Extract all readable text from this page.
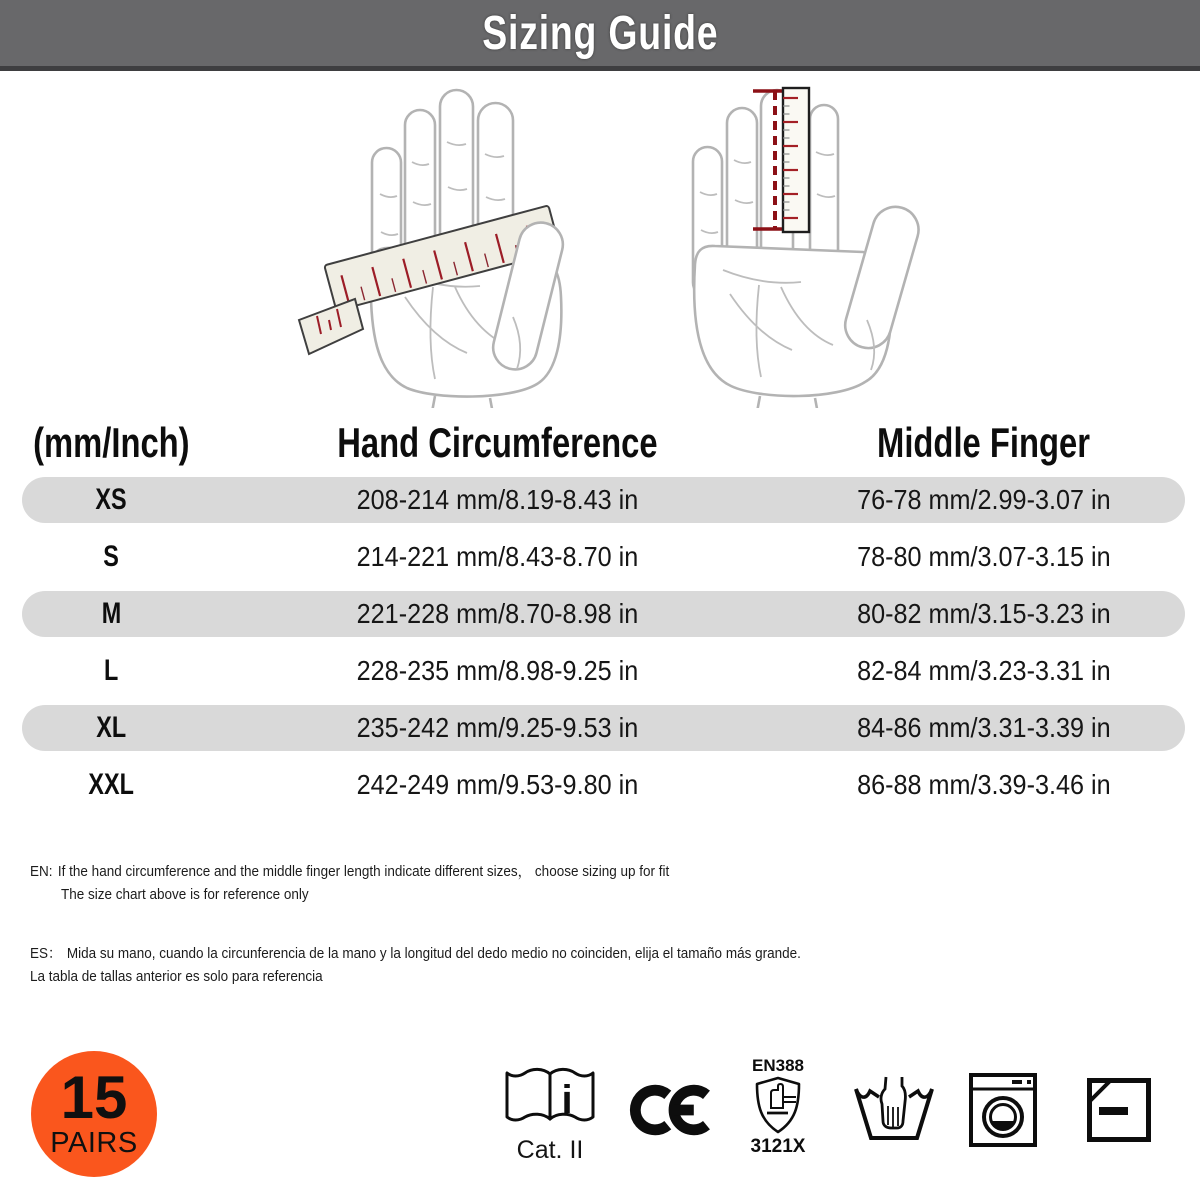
Sizing Guide
(mm/Inch)	Hand Circumference	Middle Finger
XS	208-214 mm/8.19-8.43 in	76-78 mm/2.99-3.07 in
S	214-221 mm/8.43-8.70 in	78-80 mm/3.07-3.15 in
M	221-228 mm/8.70-8.98 in	80-82 mm/3.15-3.23 in
L	228-235 mm/8.98-9.25 in	82-84 mm/3.23-3.31 in
XL	235-242 mm/9.25-9.53 in	84-86 mm/3.31-3.39 in
XXL	242-249 mm/9.53-9.80 in	86-88 mm/3.39-3.46 in
EN: If the hand circumference and the middle finger length indicate different sizes， choose sizing up for fit
The size chart above is for reference only
ES： Mida su mano, cuando la circunferencia de la mano y la longitud del dedo medio no coinciden, elija el tamaño más grande.
La tabla de tallas anterior es solo para referencia
15
PAIRS
i
Cat. II
EN388
3121X
